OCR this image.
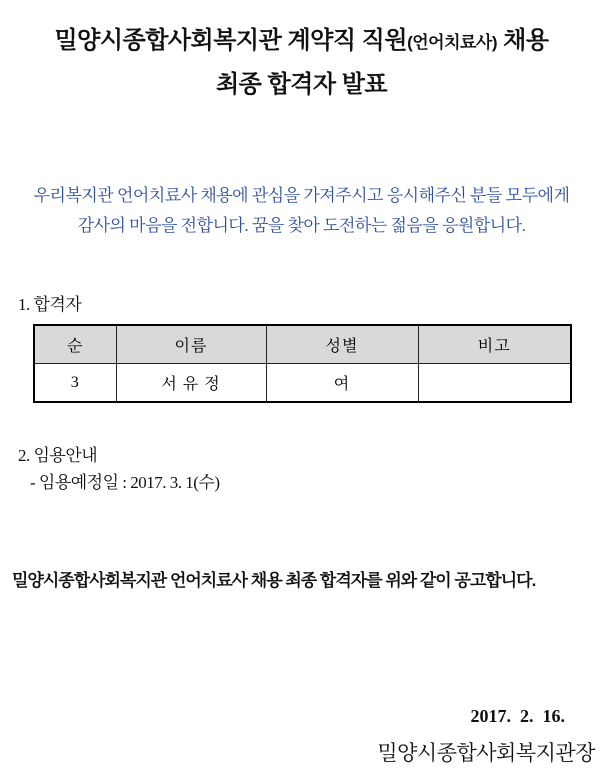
밀양시종합사회복지관 계약직 직원(언어치료사) 채용
최종 합격자 발표
우리복지관 언어치료사 채용에 관심을 가져주시고 응시해주신 분들 모두에게
감사의 마음을 전합니다. 꿈을 찾아 도전하는 젊음을 응원합니다.
1. 합격자
순	이름	성별	비고
3	서 유 정	여	
2. 임용안내
- 임용예정일 : 2017. 3. 1(수)
밀양시종합사회복지관 언어치료사 채용 최종 합격자를 위와 같이 공고합니다.
2017.  2.  16.
밀양시종합사회복지관장
